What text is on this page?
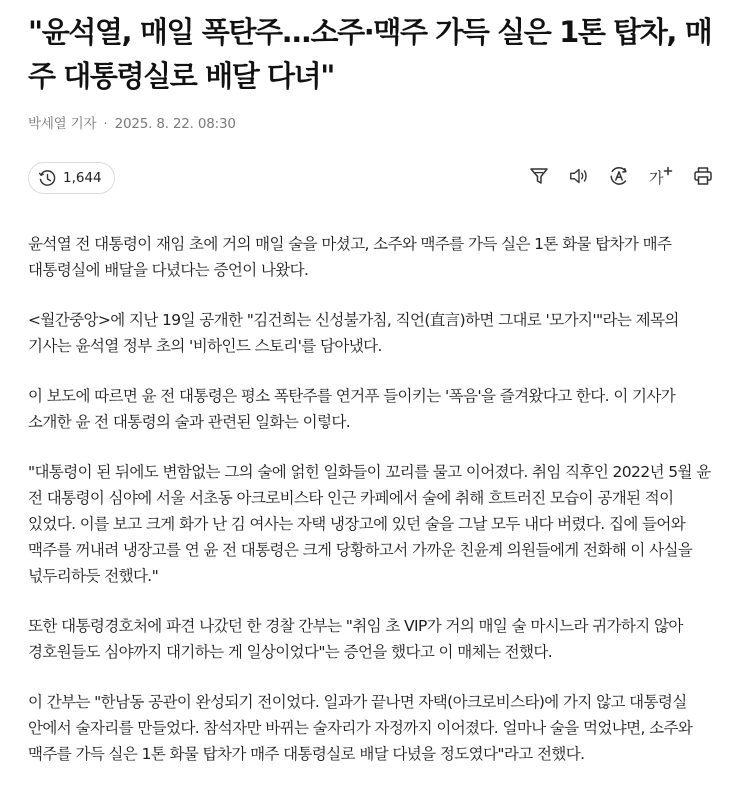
"윤석열, 매일 폭탄주...소주·맥주 가득 실은 1톤 탑차, 매주 대통령실로 배달 다녀"
박세열 기자 · 2025. 8. 22. 08:30
1,644	가

윤석열 전 대통령이 재임 초에 거의 매일 술을 마셨고, 소주와 맥주를 가득 실은 1톤 화물 탑차가 매주 대통령실에 배달을 다녔다는 증언이 나왔다.

<월간중앙>에 지난 19일 공개한 "김건희는 신성불가침, 직언(直言)하면 그대로 '모가지'"라는 제목의 기사는 윤석열 정부 초의 '비하인드 스토리'를 담아냈다.

이 보도에 따르면 윤 전 대통령은 평소 폭탄주를 연거푸 들이키는 '폭음'을 즐겨왔다고 한다. 이 기사가 소개한 윤 전 대통령의 술과 관련된 일화는 이렇다.

"대통령이 된 뒤에도 변함없는 그의 술에 얽힌 일화들이 꼬리를 물고 이어졌다. 취임 직후인 2022년 5월 윤 전 대통령이 심야에 서울 서초동 아크로비스타 인근 카페에서 술에 취해 흐트러진 모습이 공개된 적이 있었다. 이를 보고 크게 화가 난 김 여사는 자택 냉장고에 있던 술을 그날 모두 내다 버렸다. 집에 들어와 맥주를 꺼내려 냉장고를 연 윤 전 대통령은 크게 당황하고서 가까운 친윤계 의원들에게 전화해 이 사실을 넋두리하듯 전했다."

또한 대통령경호처에 파견 나갔던 한 경찰 간부는 "취임 초 VIP가 거의 매일 술 마시느라 귀가하지 않아 경호원들도 심야까지 대기하는 게 일상이었다"는 증언을 했다고 이 매체는 전했다.

이 간부는 "한남동 공관이 완성되기 전이었다. 일과가 끝나면 자택(아크로비스타)에 가지 않고 대통령실 안에서 술자리를 만들었다. 참석자만 바뀌는 술자리가 자정까지 이어졌다. 얼마나 술을 먹었냐면, 소주와 맥주를 가득 실은 1톤 화물 탑차가 매주 대통령실로 배달 다녔을 정도였다"라고 전했다.
